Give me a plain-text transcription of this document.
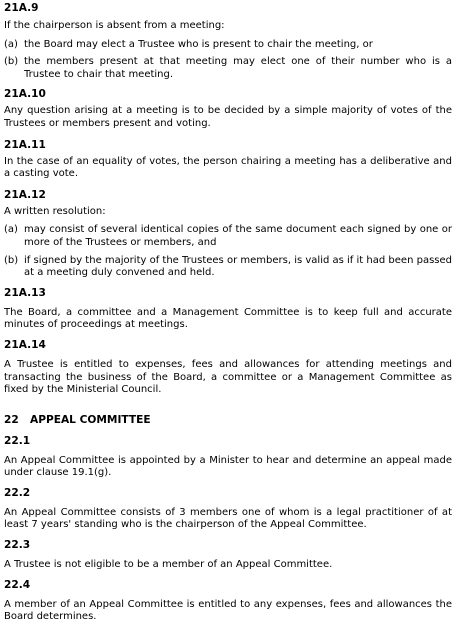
21A.9
If the chairperson is absent from a meeting:
(a) the Board may elect a Trustee who is present to chair the meeting, or
(b) the members present at that meeting may elect one of their number who is a Trustee to chair that meeting.
21A.10
Any question arising at a meeting is to be decided by a simple majority of votes of the Trustees or members present and voting.
21A.11
In the case of an equality of votes, the person chairing a meeting has a deliberative and a casting vote.
21A.12
A written resolution:
(a) may consist of several identical copies of the same document each signed by one or more of the Trustees or members, and
(b) if signed by the majority of the Trustees or members, is valid as if it had been passed at a meeting duly convened and held.
21A.13
The Board, a committee and a Management Committee is to keep full and accurate minutes of proceedings at meetings.
21A.14
A Trustee is entitled to expenses, fees and allowances for attending meetings and transacting the business of the Board, a committee or a Management Committee as fixed by the Ministerial Council.
22	APPEAL COMMITTEE
22.1
An Appeal Committee is appointed by a Minister to hear and determine an appeal made under clause 19.1(g).
22.2
An Appeal Committee consists of 3 members one of whom is a legal practitioner of at least 7 years' standing who is the chairperson of the Appeal Committee.
22.3
A Trustee is not eligible to be a member of an Appeal Committee.
22.4
A member of an Appeal Committee is entitled to any expenses, fees and allowances the Board determines.
